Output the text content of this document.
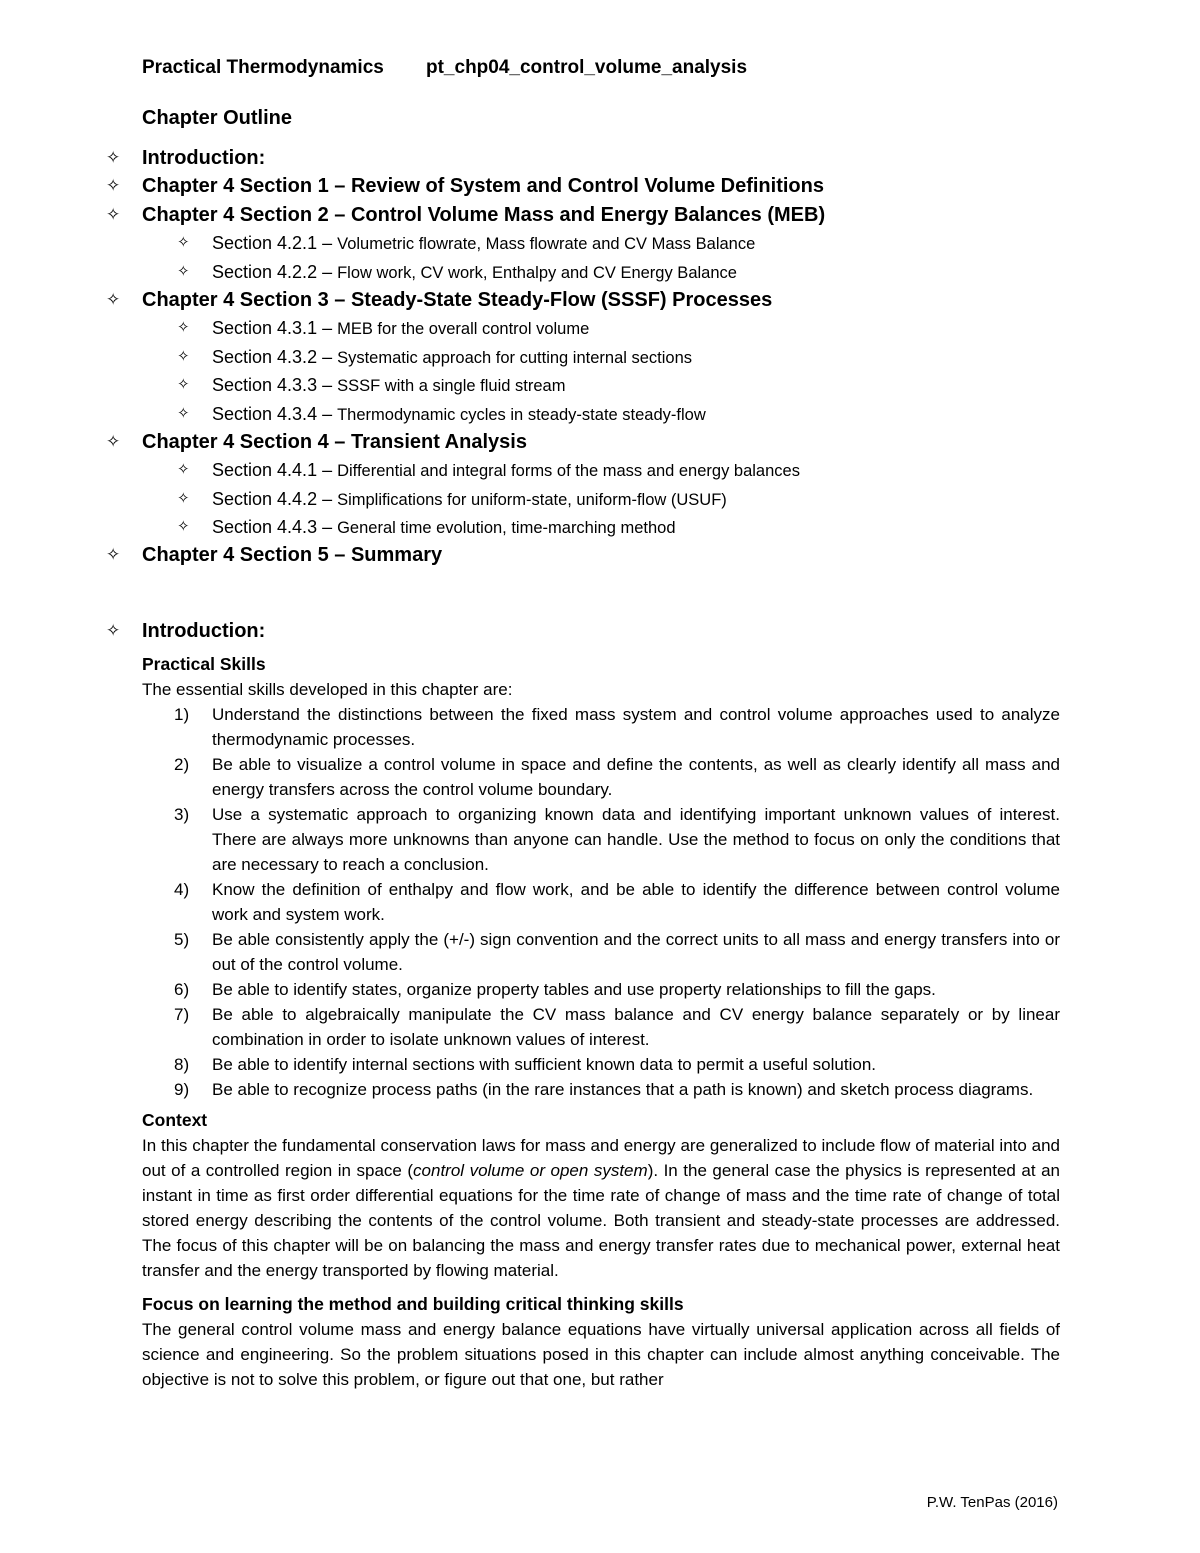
Practical Thermodynamics pt_chp04_control_volume_analysis
Chapter Outline
✧ Introduction:
✧ Chapter 4 Section 1 – Review of System and Control Volume Definitions
✧ Chapter 4 Section 2 – Control Volume Mass and Energy Balances (MEB)
✧ Section 4.2.1 – Volumetric flowrate, Mass flowrate and CV Mass Balance
✧ Section 4.2.2 – Flow work, CV work, Enthalpy and CV Energy Balance
✧ Chapter 4 Section 3 – Steady-State Steady-Flow (SSSF) Processes
✧ Section 4.3.1 – MEB for the overall control volume
✧ Section 4.3.2 – Systematic approach for cutting internal sections
✧ Section 4.3.3 – SSSF with a single fluid stream
✧ Section 4.3.4 – Thermodynamic cycles in steady-state steady-flow
✧ Chapter 4 Section 4 – Transient Analysis
✧ Section 4.4.1 – Differential and integral forms of the mass and energy balances
✧ Section 4.4.2 – Simplifications for uniform-state, uniform-flow (USUF)
✧ Section 4.4.3 – General time evolution, time-marching method
✧ Chapter 4 Section 5 – Summary
✧ Introduction:

Practical Skills

The essential skills developed in this chapter are:

1) Understand the distinctions between the fixed mass system and control volume approaches used to analyze thermodynamic processes.
2) Be able to visualize a control volume in space and define the contents, as well as clearly identify all mass and energy transfers across the control volume boundary.
3) Use a systematic approach to organizing known data and identifying important unknown values of interest. There are always more unknowns than anyone can handle. Use the method to focus on only the conditions that are necessary to reach a conclusion.
4) Know the definition of enthalpy and flow work, and be able to identify the difference between control volume work and system work.
5) Be able consistently apply the (+/-) sign convention and the correct units to all mass and energy transfers into or out of the control volume.
6) Be able to identify states, organize property tables and use property relationships to fill the gaps.
7) Be able to algebraically manipulate the CV mass balance and CV energy balance separately or by linear combination in order to isolate unknown values of interest.
8) Be able to identify internal sections with sufficient known data to permit a useful solution.
9) Be able to recognize process paths (in the rare instances that a path is known) and sketch process diagrams.

Context

In this chapter the fundamental conservation laws for mass and energy are generalized to include flow of material into and out of a controlled region in space (control volume or open system). In the general case the physics is represented at an instant in time as first order differential equations for the time rate of change of mass and the time rate of change of total stored energy describing the contents of the control volume. Both transient and steady-state processes are addressed. The focus of this chapter will be on balancing the mass and energy transfer rates due to mechanical power, external heat transfer and the energy transported by flowing material.

Focus on learning the method and building critical thinking skills

The general control volume mass and energy balance equations have virtually universal application across all fields of science and engineering. So the problem situations posed in this chapter can include almost anything conceivable. The objective is not to solve this problem, or figure out that one, but rather

P.W. TenPas (2016)
